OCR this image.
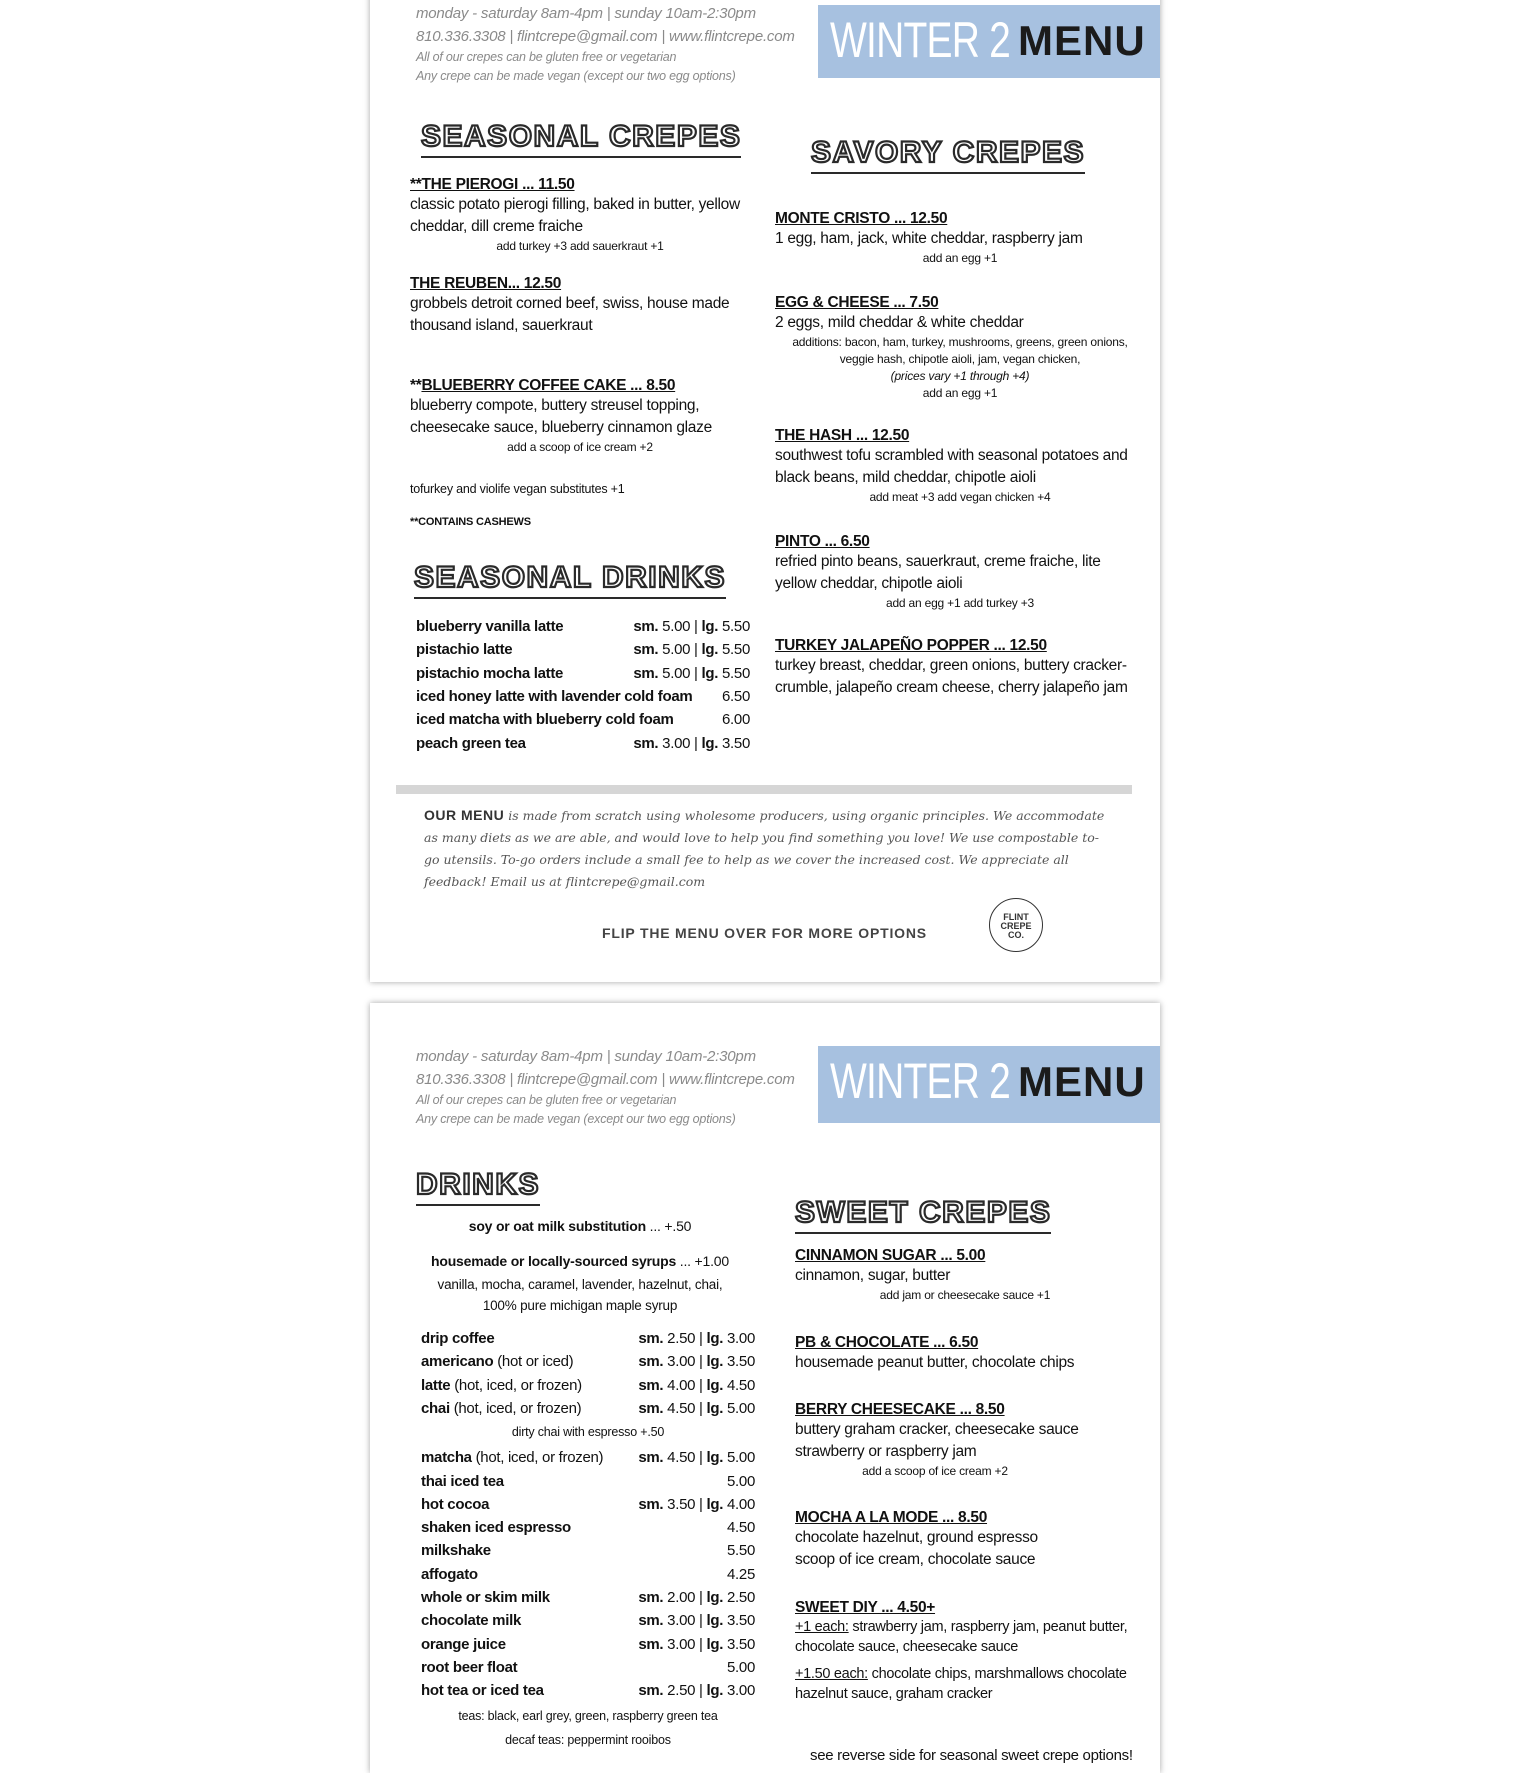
monday - saturday 8am-4pm | sunday 10am-2:30pm
810.336.3308 | flintcrepe@gmail.com | www.flintcrepe.com
All of our crepes can be gluten free or vegetarian
Any crepe can be made vegan (except our two egg options)
WINTER 2 MENU
SEASONAL CREPES
**THE PIEROGI ... 11.50
classic potato pierogi filling, baked in butter, yellow cheddar, dill creme fraiche
add turkey +3 add sauerkraut +1
THE REUBEN... 12.50
grobbels detroit corned beef, swiss, house made thousand island, sauerkraut
**BLUEBERRY COFFEE CAKE ... 8.50
blueberry compote, buttery streusel topping, cheesecake sauce, blueberry cinnamon glaze
add a scoop of ice cream +2
tofurkey and violife vegan substitutes +1
**CONTAINS CASHEWS
SEASONAL DRINKS
blueberry vanilla latte	sm. 5.00 | lg. 5.50
pistachio latte	sm. 5.00 | lg. 5.50
pistachio mocha latte	sm. 5.00 | lg. 5.50
iced honey latte with lavender cold foam 6.50
iced matcha with blueberry cold foam	6.00
peach green tea	sm. 3.00 | lg. 3.50
SAVORY CREPES
MONTE CRISTO ... 12.50
1 egg, ham, jack, white cheddar, raspberry jam
add an egg +1
EGG & CHEESE ... 7.50
2 eggs, mild cheddar & white cheddar
additions: bacon, ham, turkey, mushrooms, greens, green onions,
veggie hash, chipotle aioli, jam, vegan chicken,
(prices vary +1 through +4)
add an egg +1
THE HASH ... 12.50
southwest tofu scrambled with seasonal potatoes and black beans, mild cheddar, chipotle aioli
add meat +3 add vegan chicken +4
PINTO ... 6.50
refried pinto beans, sauerkraut, creme fraiche, lite yellow cheddar, chipotle aioli
add an egg +1 add turkey +3
TURKEY JALAPEÑO POPPER ... 12.50
turkey breast, cheddar, green onions, buttery cracker-crumble, jalapeño cream cheese, cherry jalapeño jam
OUR MENU is made from scratch using wholesome producers, using organic principles. We accommodate as many diets as we are able, and would love to help you find something you love! We use compostable to-go utensils. To-go orders include a small fee to help as we cover the increased cost. We appreciate all feedback! Email us at flintcrepe@gmail.com
FLIP THE MENU OVER FOR MORE OPTIONS
FLINT
CREPE
CO.
monday - saturday 8am-4pm | sunday 10am-2:30pm
810.336.3308 | flintcrepe@gmail.com | www.flintcrepe.com
All of our crepes can be gluten free or vegetarian
Any crepe can be made vegan (except our two egg options)
WINTER 2 MENU
DRINKS
soy or oat milk substitution ... +.50
housemade or locally-sourced syrups ... +1.00
vanilla, mocha, caramel, lavender, hazelnut, chai, 100% pure michigan maple syrup
drip coffee	sm. 2.50 | lg. 3.00
americano (hot or iced)	sm. 3.00 | lg. 3.50
latte (hot, iced, or frozen)	sm. 4.00 | lg. 4.50
chai (hot, iced, or frozen)	sm. 4.50 | lg. 5.00
dirty chai with espresso +.50
matcha (hot, iced, or frozen) sm. 4.50 | lg. 5.00
thai iced tea	5.00
hot cocoa	sm. 3.50 | lg. 4.00
shaken iced espresso	4.50
milkshake	5.50
affogato	4.25
whole or skim milk	sm. 2.00 | lg. 2.50
chocolate milk	sm. 3.00 | lg. 3.50
orange juice	sm. 3.00 | lg. 3.50
root beer float	5.00
hot tea or iced tea	sm. 2.50 | lg. 3.00
teas: black, earl grey, green, raspberry green tea
decaf teas: peppermint rooibos
SWEET CREPES
CINNAMON SUGAR ... 5.00
cinnamon, sugar, butter
add jam or cheesecake sauce +1
PB & CHOCOLATE ... 6.50
housemade peanut butter, chocolate chips
BERRY CHEESECAKE ... 8.50
buttery graham cracker, cheesecake sauce strawberry or raspberry jam
add a scoop of ice cream +2
MOCHA A LA MODE ... 8.50
chocolate hazelnut, ground espresso scoop of ice cream, chocolate sauce
SWEET DIY ... 4.50+
+1 each: strawberry jam, raspberry jam, peanut butter, chocolate sauce, cheesecake sauce
+1.50 each: chocolate chips, marshmallows chocolate hazelnut sauce, graham cracker
see reverse side for seasonal sweet crepe options!
